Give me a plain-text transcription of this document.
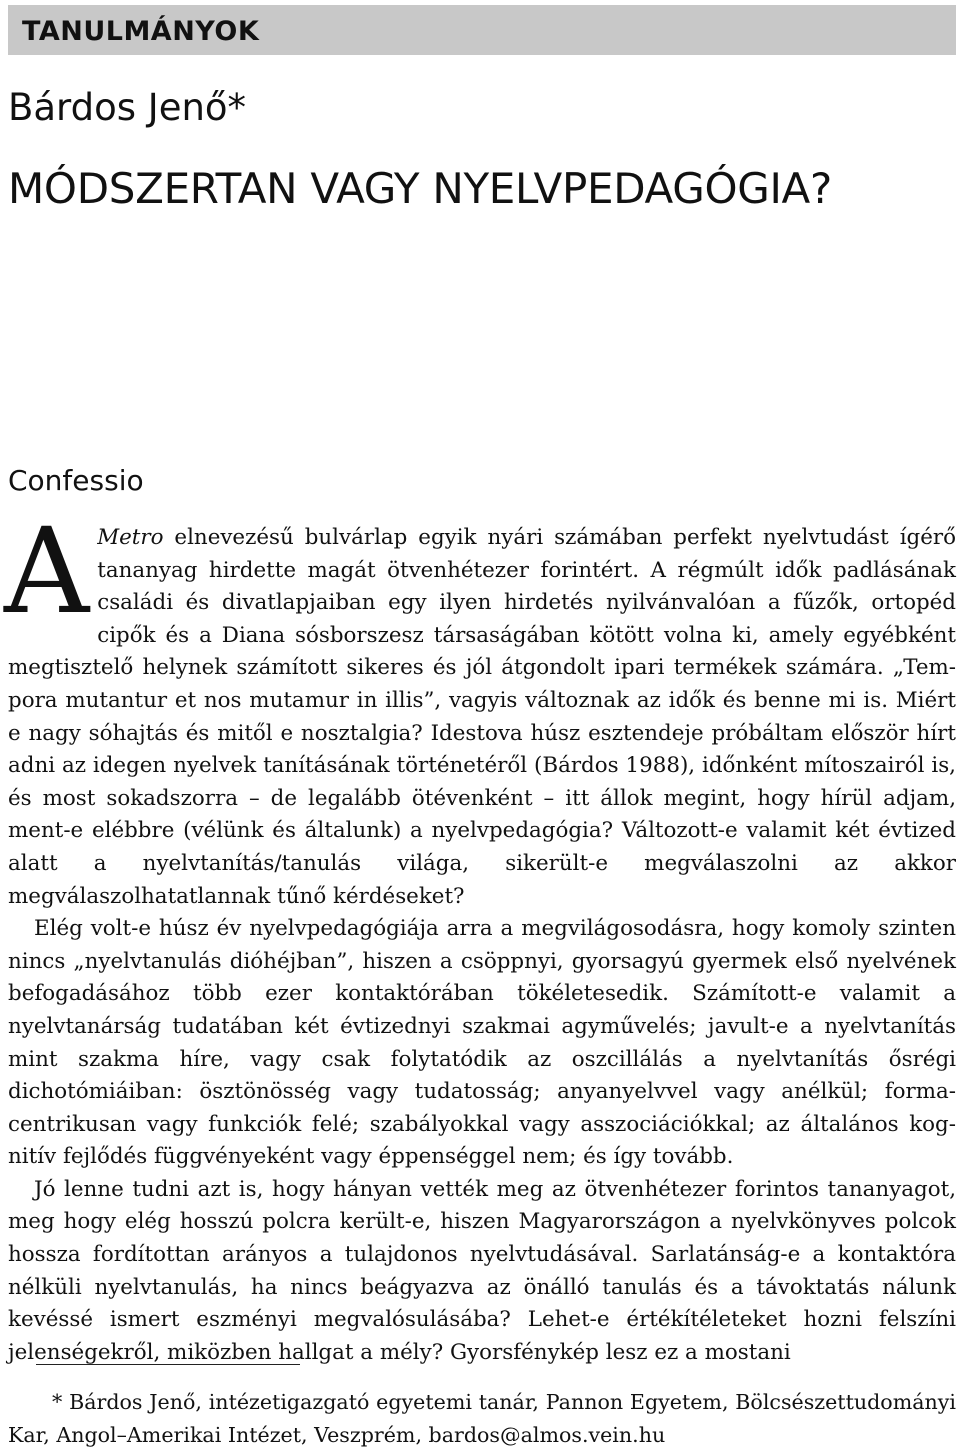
TANULMÁNYOK
Bárdos Jenő*
MÓDSZERTAN VAGY NYELVPEDAGÓGIA?
Confessio

A Metro elnevezésű bulvárlap egyik nyári számában perfekt nyelvtudást ígérő tananyag hirdette magát ötvenhétezer forintért. A régmúlt idők padlásának családi és divatlapjaiban egy ilyen hirdetés nyilvánvalóan a fűzők, ortopéd cipők és a Diana sósborszesz társaságában kötött volna ki, amely egyébként megtisztelő helynek számított sikeres és jól átgondolt ipari termékek számára. „Tempora mutantur et nos mutamur in illis”, vagyis változnak az idők és benne mi is. Miért e nagy sóhajtás és mitől e nosztalgia? Idestova húsz esztendeje próbáltam először hírt adni az idegen nyelvek tanításának történetéről (Bárdos 1988), időnként mítoszairól is, és most sokadszorra – de legalább ötévenként – itt állok megint, hogy hírül adjam, ment-e elébbre (vélünk és általunk) a nyelvpedagógia? Változott-e valamit két évtized alatt a nyelvtanítás/tanulás világa, sikerült-e megválaszolni az akkor megválaszolhatatlannak tűnő kérdéseket?

Elég volt-e húsz év nyelvpedagógiája arra a megvilágosodásra, hogy komoly szinten nincs „nyelvtanulás dióhéjban”, hiszen a csöppnyi, gyorsagyú gyermek első nyelvének befogadásához több ezer kontaktórában tökéletesedik. Számított-e valamit a nyelvtanárság tudatában két évtizednyi szakmai agyművelés; javult-e a nyelvtanítás mint szakma híre, vagy csak folytatódik az oszcillálás a nyelvtanítás ősrégi dichotómiáiban: ösztönösség vagy tudatosság; anyanyelvvel vagy anélkül; formacentrikusan vagy funkciók felé; szabályokkal vagy asszociációkkal; az általános kognitív fejlődés függvényeként vagy éppenséggel nem; és így tovább.

Jó lenne tudni azt is, hogy hányan vették meg az ötvenhétezer forintos tananyagot, meg hogy elég hosszú polcra került-e, hiszen Magyarországon a nyelvkönyves polcok hossza fordítottan arányos a tulajdonos nyelvtudásával. Sarlatánság-e a kontaktóra nélküli nyelvtanulás, ha nincs beágyazva az önálló tanulás és a távoktatás nálunk kevéssé ismert eszményi megvalósulásába? Lehet-e értékítéleteket hozni felszíni jelenségekről, miközben hallgat a mély? Gyorsfénykép lesz ez a mostani

* Bárdos Jenő, intézetigazgató egyetemi tanár, Pannon Egyetem, Bölcsészettudományi Kar, Angol–Amerikai Intézet, Veszprém, bardos@almos.vein.hu
